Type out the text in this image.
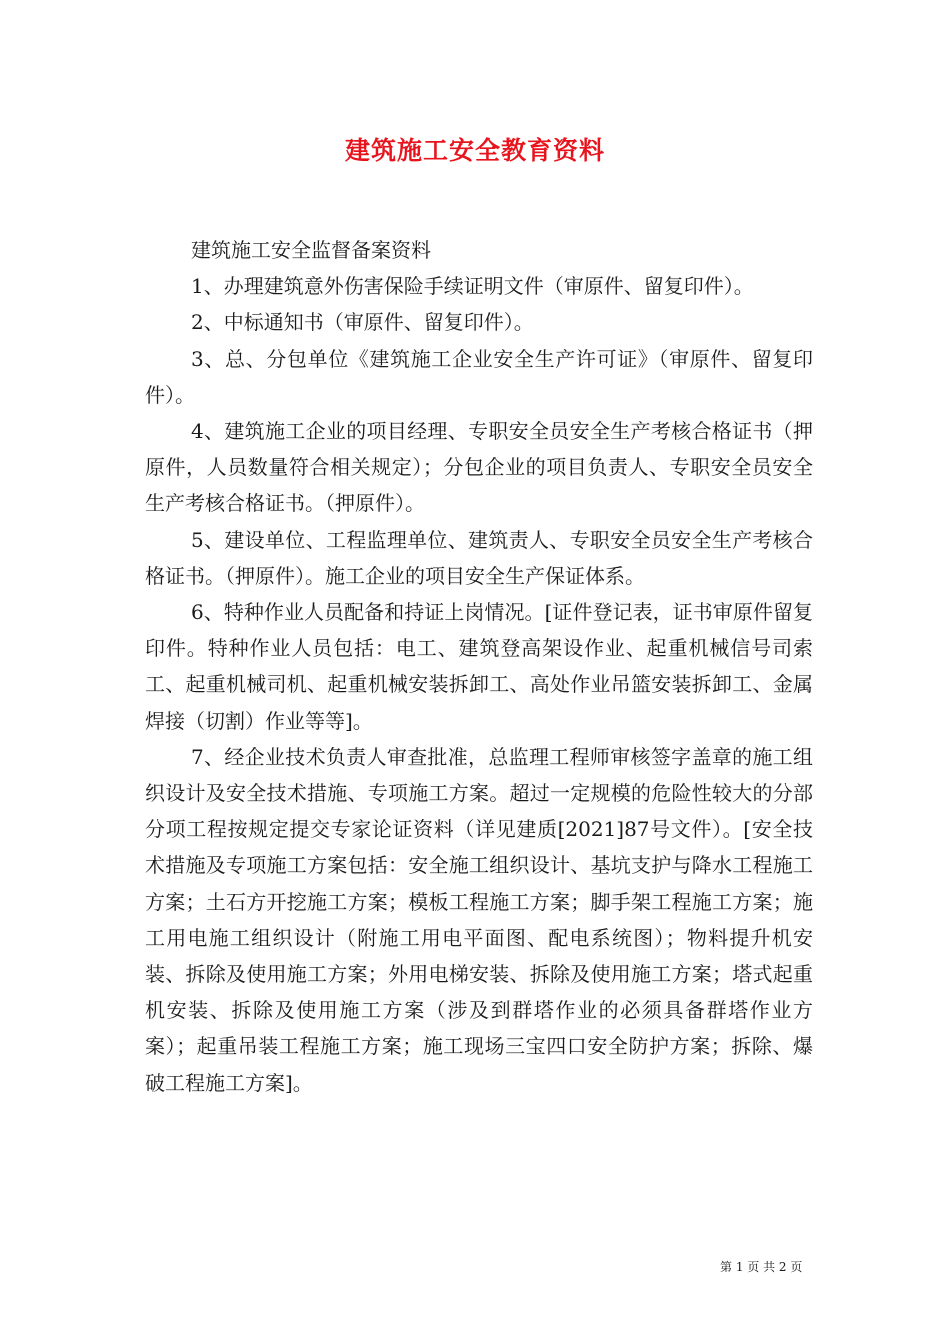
建筑施工安全教育资料

建筑施工安全监督备案资料

1、办理建筑意外伤害保险手续证明文件（审原件、留复印件）。

2、中标通知书（审原件、留复印件）。

3、总、分包单位《建筑施工企业安全生产许可证》（审原件、留复印件）。

4、建筑施工企业的项目经理、专职安全员安全生产考核合格证书（押原件，人员数量符合相关规定）；分包企业的项目负责人、专职安全员安全生产考核合格证书。（押原件）。

5、建设单位、工程监理单位、建筑责人、专职安全员安全生产考核合格证书。（押原件）。施工企业的项目安全生产保证体系。

6、特种作业人员配备和持证上岗情况。[证件登记表，证书审原件留复印件。特种作业人员包括：电工、建筑登高架设作业、起重机械信号司索工、起重机械司机、起重机械安装拆卸工、高处作业吊篮安装拆卸工、金属焊接（切割）作业等等]。

7、经企业技术负责人审查批准，总监理工程师审核签字盖章的施工组织设计及安全技术措施、专项施工方案。超过一定规模的危险性较大的分部分项工程按规定提交专家论证资料（详见建质[2021]87号文件）。[安全技术措施及专项施工方案包括：安全施工组织设计、基坑支护与降水工程施工方案；土石方开挖施工方案；模板工程施工方案；脚手架工程施工方案；施工用电施工组织设计（附施工用电平面图、配电系统图）；物料提升机安装、拆除及使用施工方案；外用电梯安装、拆除及使用施工方案；塔式起重机安装、拆除及使用施工方案（涉及到群塔作业的必须具备群塔作业方案）；起重吊装工程施工方案；施工现场三宝四口安全防护方案；拆除、爆破工程施工方案]。

第 1 页 共 2 页
